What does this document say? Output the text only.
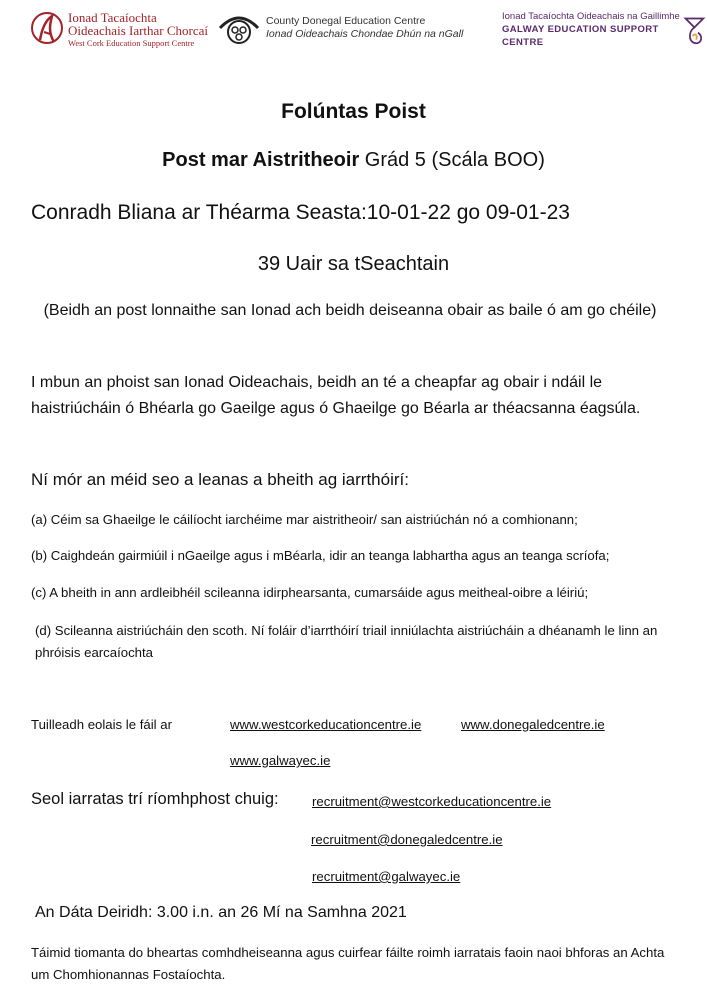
Ionad Tacaíochta
Oideachais Iarthar Chorcaí
West Cork Education Support Centre
County Donegal Education Centre
Ionad Oideachais Chondae Dhún na nGall
Ionad Tacaíochta Oideachais na Gaillimhe
GALWAY EDUCATION SUPPORT CENTRE
Folúntas Poist
Post mar Aistritheoir Grád 5 (Scála BOO)
Conradh Bliana ar Théarma Seasta:10-01-22 go 09-01-23
39 Uair sa tSeachtain
(Beidh an post lonnaithe san Ionad ach beidh deiseanna obair as baile ó am go chéile)
I mbun an phoist san Ionad Oideachais, beidh an té a cheapfar ag obair i ndáil le haistriúcháin ó Bhéarla go Gaeilge agus ó Ghaeilge go Béarla ar théacsanna éagsúla.
Ní mór an méid seo a leanas a bheith ag iarrthóirí:
(a) Céim sa Ghaeilge le cáilíocht iarchéime mar aistritheoir/ san aistriúchán nó a comhionann;
(b) Caighdeán gairmiúil i nGaeilge agus i mBéarla, idir an teanga labhartha agus an teanga scríofa;
(c) A bheith in ann ardleibhéil scileanna idirphearsanta, cumarsáide agus meitheal-oibre a léiriú;
(d) Scileanna aistriúcháin den scoth. Ní foláir d’iarrthóirí triail inniúlachta aistriúcháin a dhéanamh le linn an phróisis earcaíochta
Tuilleadh eolais le fáil ar	www.westcorkeducationcentre.ie	www.donegaledcentre.ie
www.galwayec.ie
Seol iarratas trí ríomhphost chuig:	recruitment@westcorkeducationcentre.ie
recruitment@donegaledcentre.ie
recruitment@galwayec.ie
An Dáta Deiridh: 3.00 i.n. an 26 Mí na Samhna 2021
Táimid tiomanta do bheartas comhdheiseanna agus cuirfear fáilte roimh iarratais faoin naoi bhforas an Achta um Chomhionannas Fostaíochta.
